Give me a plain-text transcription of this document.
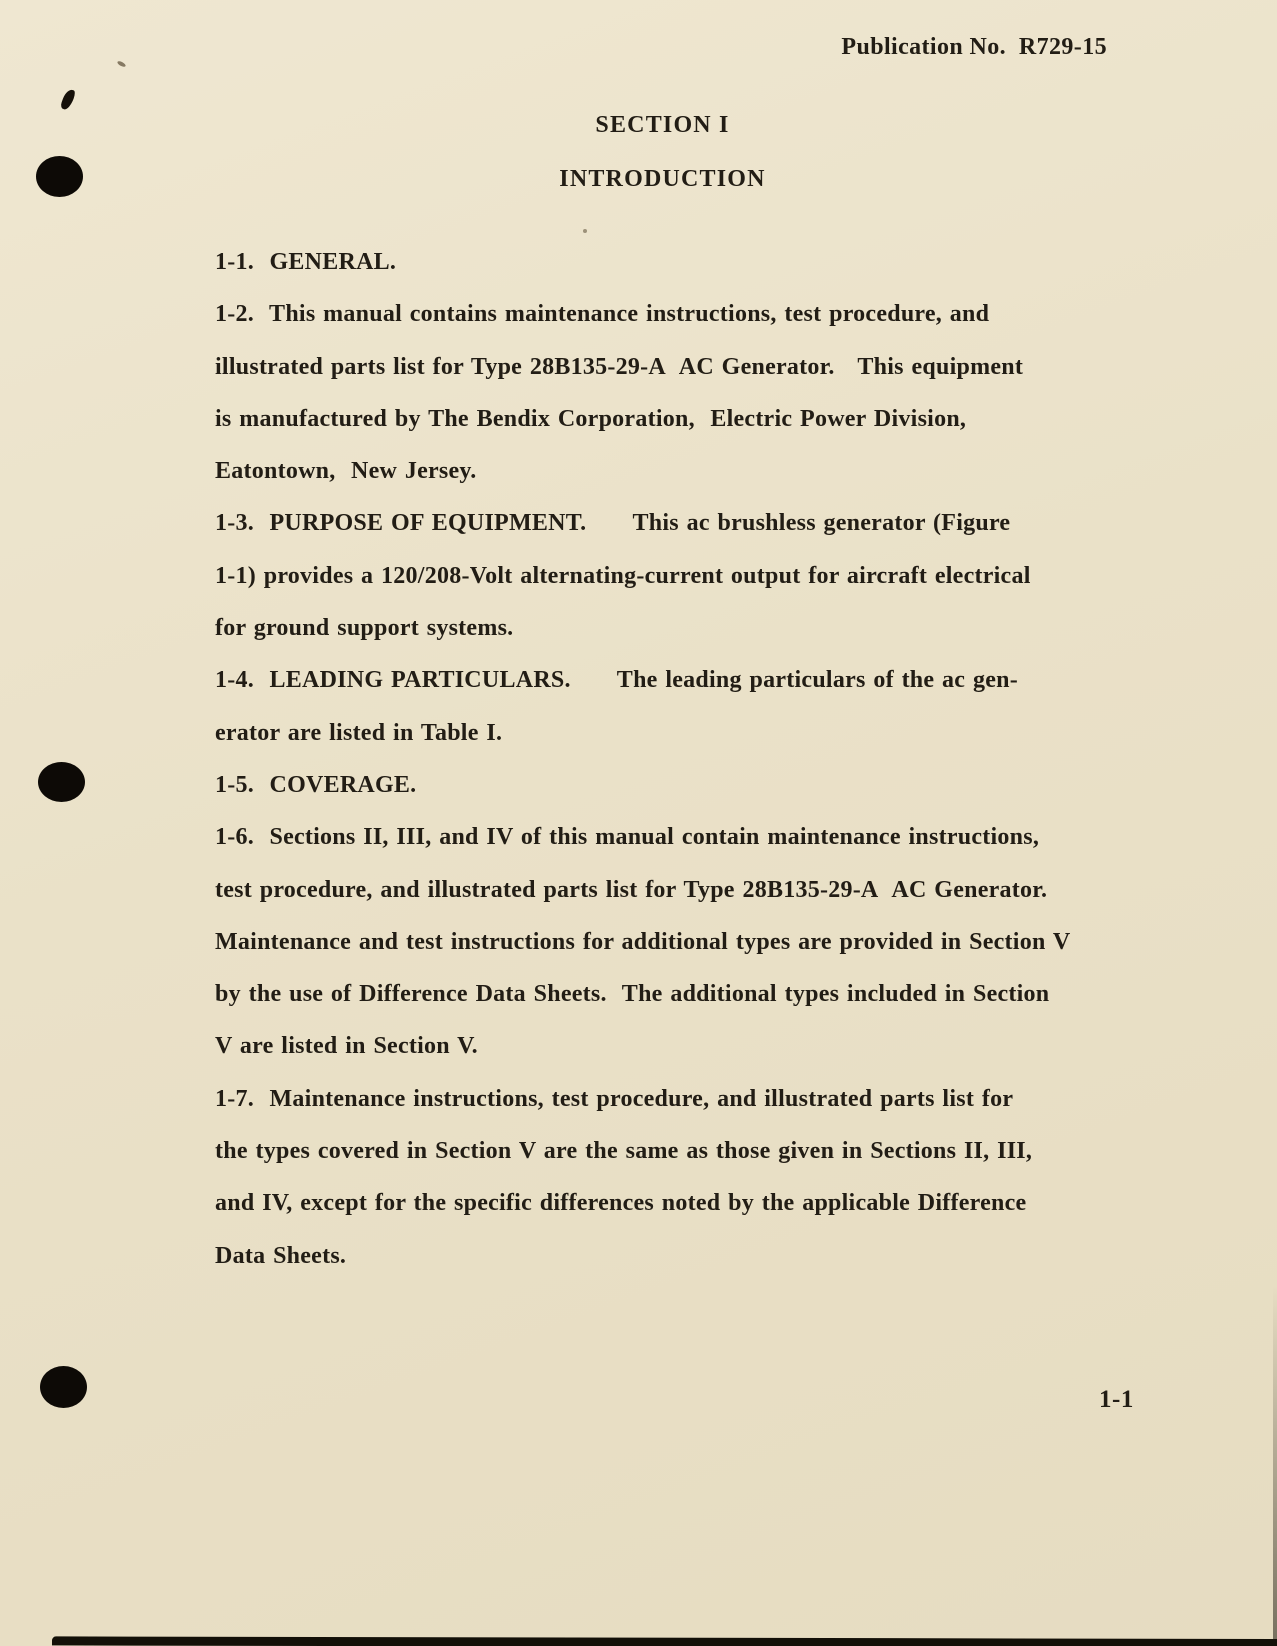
Publication No.  R729-15
SECTION I
INTRODUCTION
1-1.  GENERAL.
1-2.  This manual contains maintenance instructions, test procedure, and
illustrated parts list for Type 28B135-29-A  AC Generator.   This equipment
is manufactured by The Bendix Corporation,  Electric Power Division,
Eatontown,  New Jersey.
1-3.  PURPOSE OF EQUIPMENT.      This ac brushless generator (Figure
1-1) provides a 120/208-Volt alternating-current output for aircraft electrical
for ground support systems.
1-4.  LEADING PARTICULARS.      The leading particulars of the ac gen-
erator are listed in Table I.
1-5.  COVERAGE.
1-6.  Sections II, III, and IV of this manual contain maintenance instructions,
test procedure, and illustrated parts list for Type 28B135-29-A  AC Generator.
Maintenance and test instructions for additional types are provided in Section V
by the use of Difference Data Sheets.  The additional types included in Section
V are listed in Section V.
1-7.  Maintenance instructions, test procedure, and illustrated parts list for
the types covered in Section V are the same as those given in Sections II, III,
and IV, except for the specific differences noted by the applicable Difference
Data Sheets.
1-1
